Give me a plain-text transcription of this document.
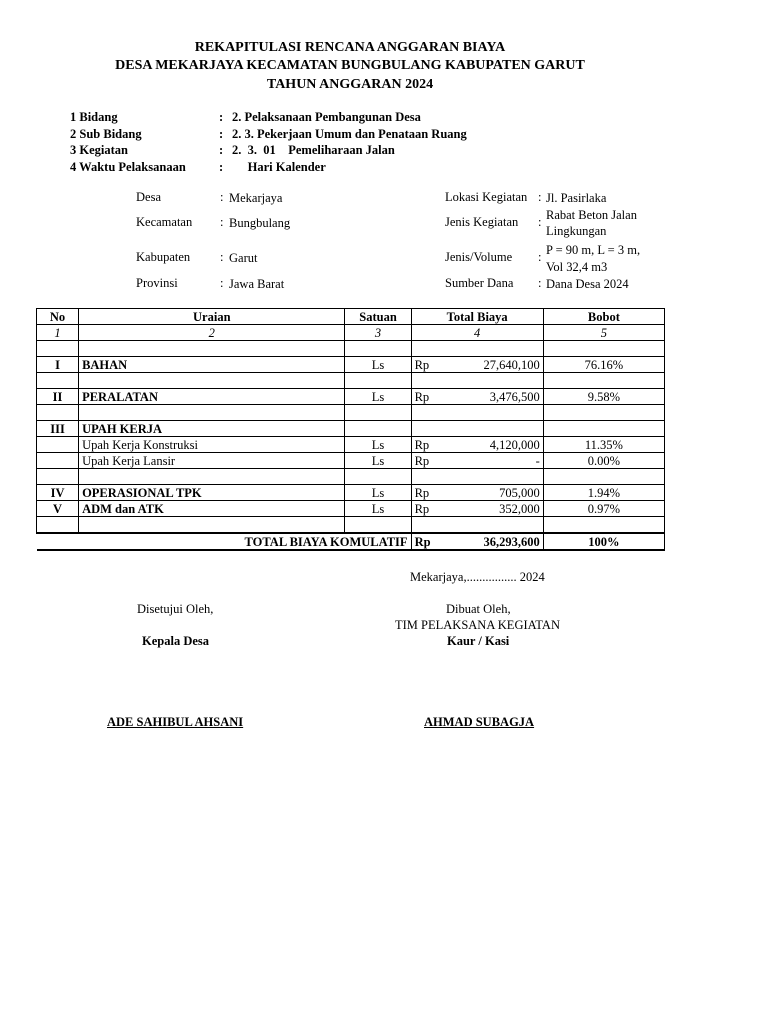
REKAPITULASI RENCANA ANGGARAN BIAYA
DESA MEKARJAYA KECAMATAN BUNGBULANG KABUPATEN GARUT
TAHUN ANGGARAN 2024
1 Bidang	: 2. Pelaksanaan Pembangunan Desa
2 Sub Bidang	: 2. 3. Pekerjaan Umum dan Penataan Ruang
3 Kegiatan	: 2.  3.  01    Pemeliharaan Jalan
4 Waktu Pelaksanaan	: Hari Kalender
Desa	: Mekarjaya
Kecamatan : Bungbulang
Kabupaten : Garut
Provinsi	: Jawa Barat
Lokasi Kegiatan : Jl. Pasirlaka
Jenis Kegiatan : Rabat Beton Jalan
Lingkungan
Jenis/Volume : P = 90 m, L = 3 m,
Vol 32,4 m3
Sumber Dana : Dana Desa 2024
No	Uraian	Satuan	Total Biaya		Bobot
1	2	3	4		5

I	BAHAN	Ls	Rp	27,640,100	76.16%

II	PERALATAN	Ls	Rp	3,476,500	9.58%

III	UPAH KERJA				
	Upah Kerja Konstruksi	Ls	Rp	4,120,000	11.35%
	Upah Kerja Lansir	Ls	Rp	-	0.00%

IV	OPERASIONAL TPK	Ls	Rp	705,000	1.94%
V	ADM dan ATK	Ls	Rp	352,000	0.97%

TOTAL BIAYA KOMULATIF			Rp	36,293,600	100%
Mekarjaya,................ 2024
Disetujui Oleh,
Kepala Desa
ADE SAHIBUL AHSANI
Dibuat Oleh,
TIM PELAKSANA KEGIATAN
Kaur / Kasi
AHMAD SUBAGJA
